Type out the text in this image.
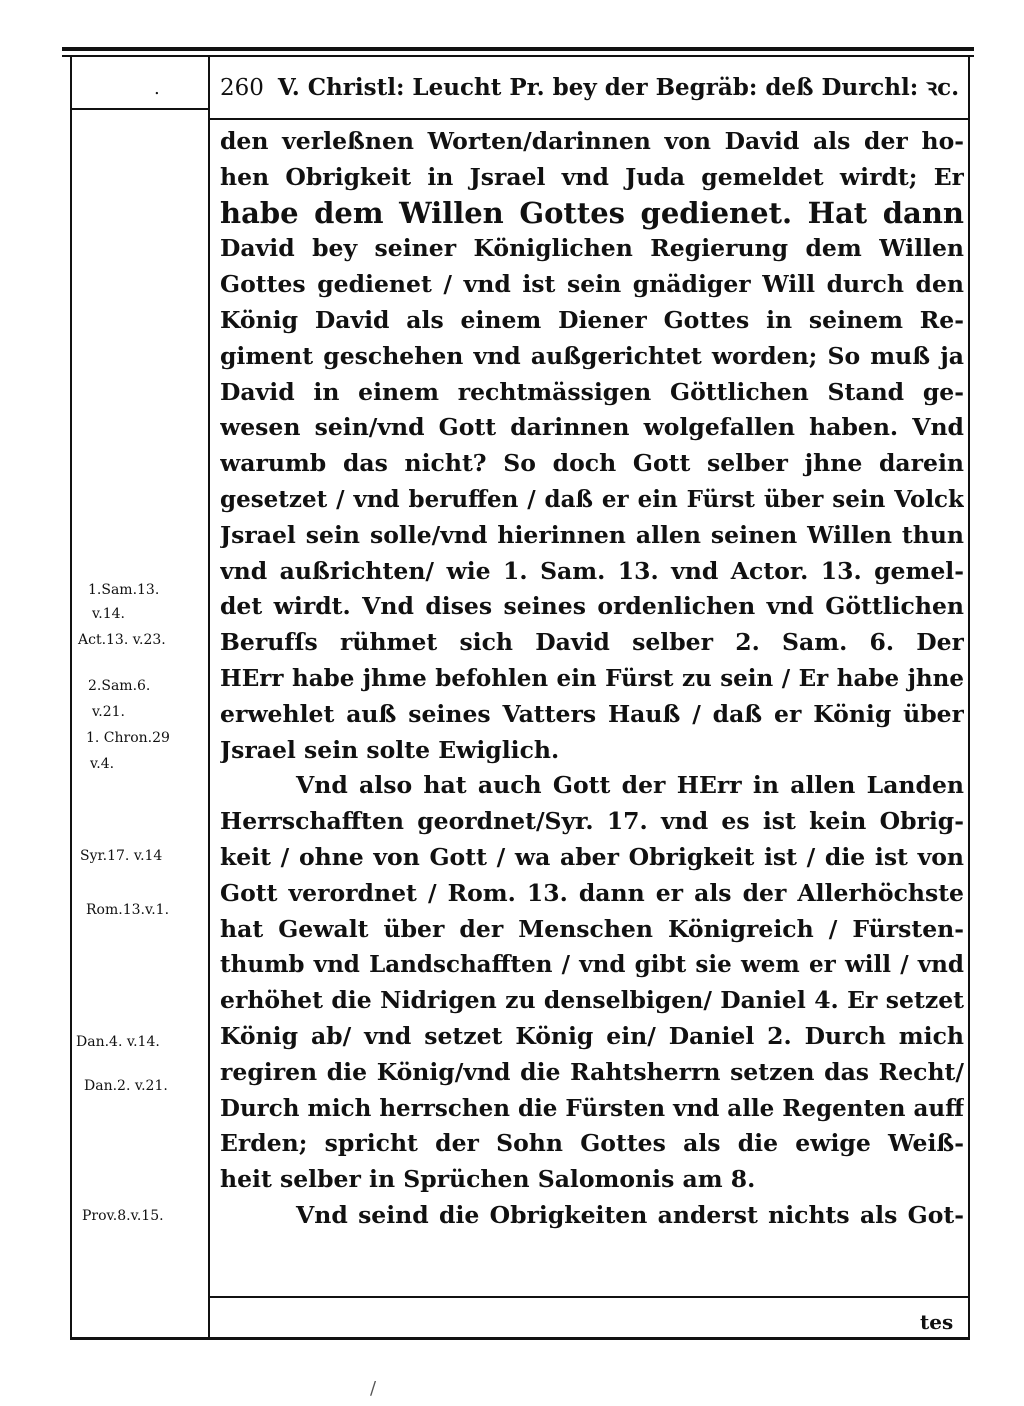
.	260 V. Christl: Leucht Pr. bey der Begräb: deß Durchl: ꝛc.
den verleßnen Worten/darinnen von David als der ho-
hen Obrigkeit in Jsrael vnd Juda gemeldet wirdt; Er
habe dem Willen Gottes gedienet. Hat dann
David bey seiner Königlichen Regierung dem Willen
Gottes gedienet / vnd ist sein gnädiger Will durch den
König David als einem Diener Gottes in seinem Re-
giment geschehen vnd außgerichtet worden; So muß ja
David in einem rechtmässigen Göttlichen Stand ge-
wesen sein/vnd Gott darinnen wolgefallen haben. Vnd
warumb das nicht? So doch Gott selber jhne darein
gesetzet / vnd beruffen / daß er ein Fürst über sein Volck
Jsrael sein solle/vnd hierinnen allen seinen Willen thun
vnd außrichten/ wie 1. Sam. 13. vnd Actor. 13. gemel-
det wirdt. Vnd dises seines ordenlichen vnd Göttlichen
Berufſs rühmet sich David selber 2. Sam. 6. Der
HErr habe jhme befohlen ein Fürst zu sein / Er habe jhne
erwehlet auß seines Vatters Hauß / daß er König über
Jsrael sein solte Ewiglich.
Vnd also hat auch Gott der HErr in allen Landen
Herrschafften geordnet/Syr. 17. vnd es ist kein Obrig-
keit / ohne von Gott / wa aber Obrigkeit ist / die ist von
Gott verordnet / Rom. 13. dann er als der Allerhöchste
hat Gewalt über der Menschen Königreich / Fürsten-
thumb vnd Landschafften / vnd gibt sie wem er will / vnd
erhöhet die Nidrigen zu denselbigen/ Daniel 4. Er setzet
König ab/ vnd setzet König ein/ Daniel 2. Durch mich
regiren die König/vnd die Rahtsherrn setzen das Recht/
Durch mich herrschen die Fürsten vnd alle Regenten auff
Erden; spricht der Sohn Gottes als die ewige Weiß-
heit selber in Sprüchen Salomonis am 8.
Vnd seind die Obrigkeiten anderst nichts als Got-
1.Sam.13.
v.14.
Act.13. v.23.
2.Sam.6.
v.21.
1. Chron.29
v.4.
Syr.17. v.14
Rom.13.v.1.
Dan.4. v.14.
Dan.2. v.21.
Prov.8.v.15.
tes
/
